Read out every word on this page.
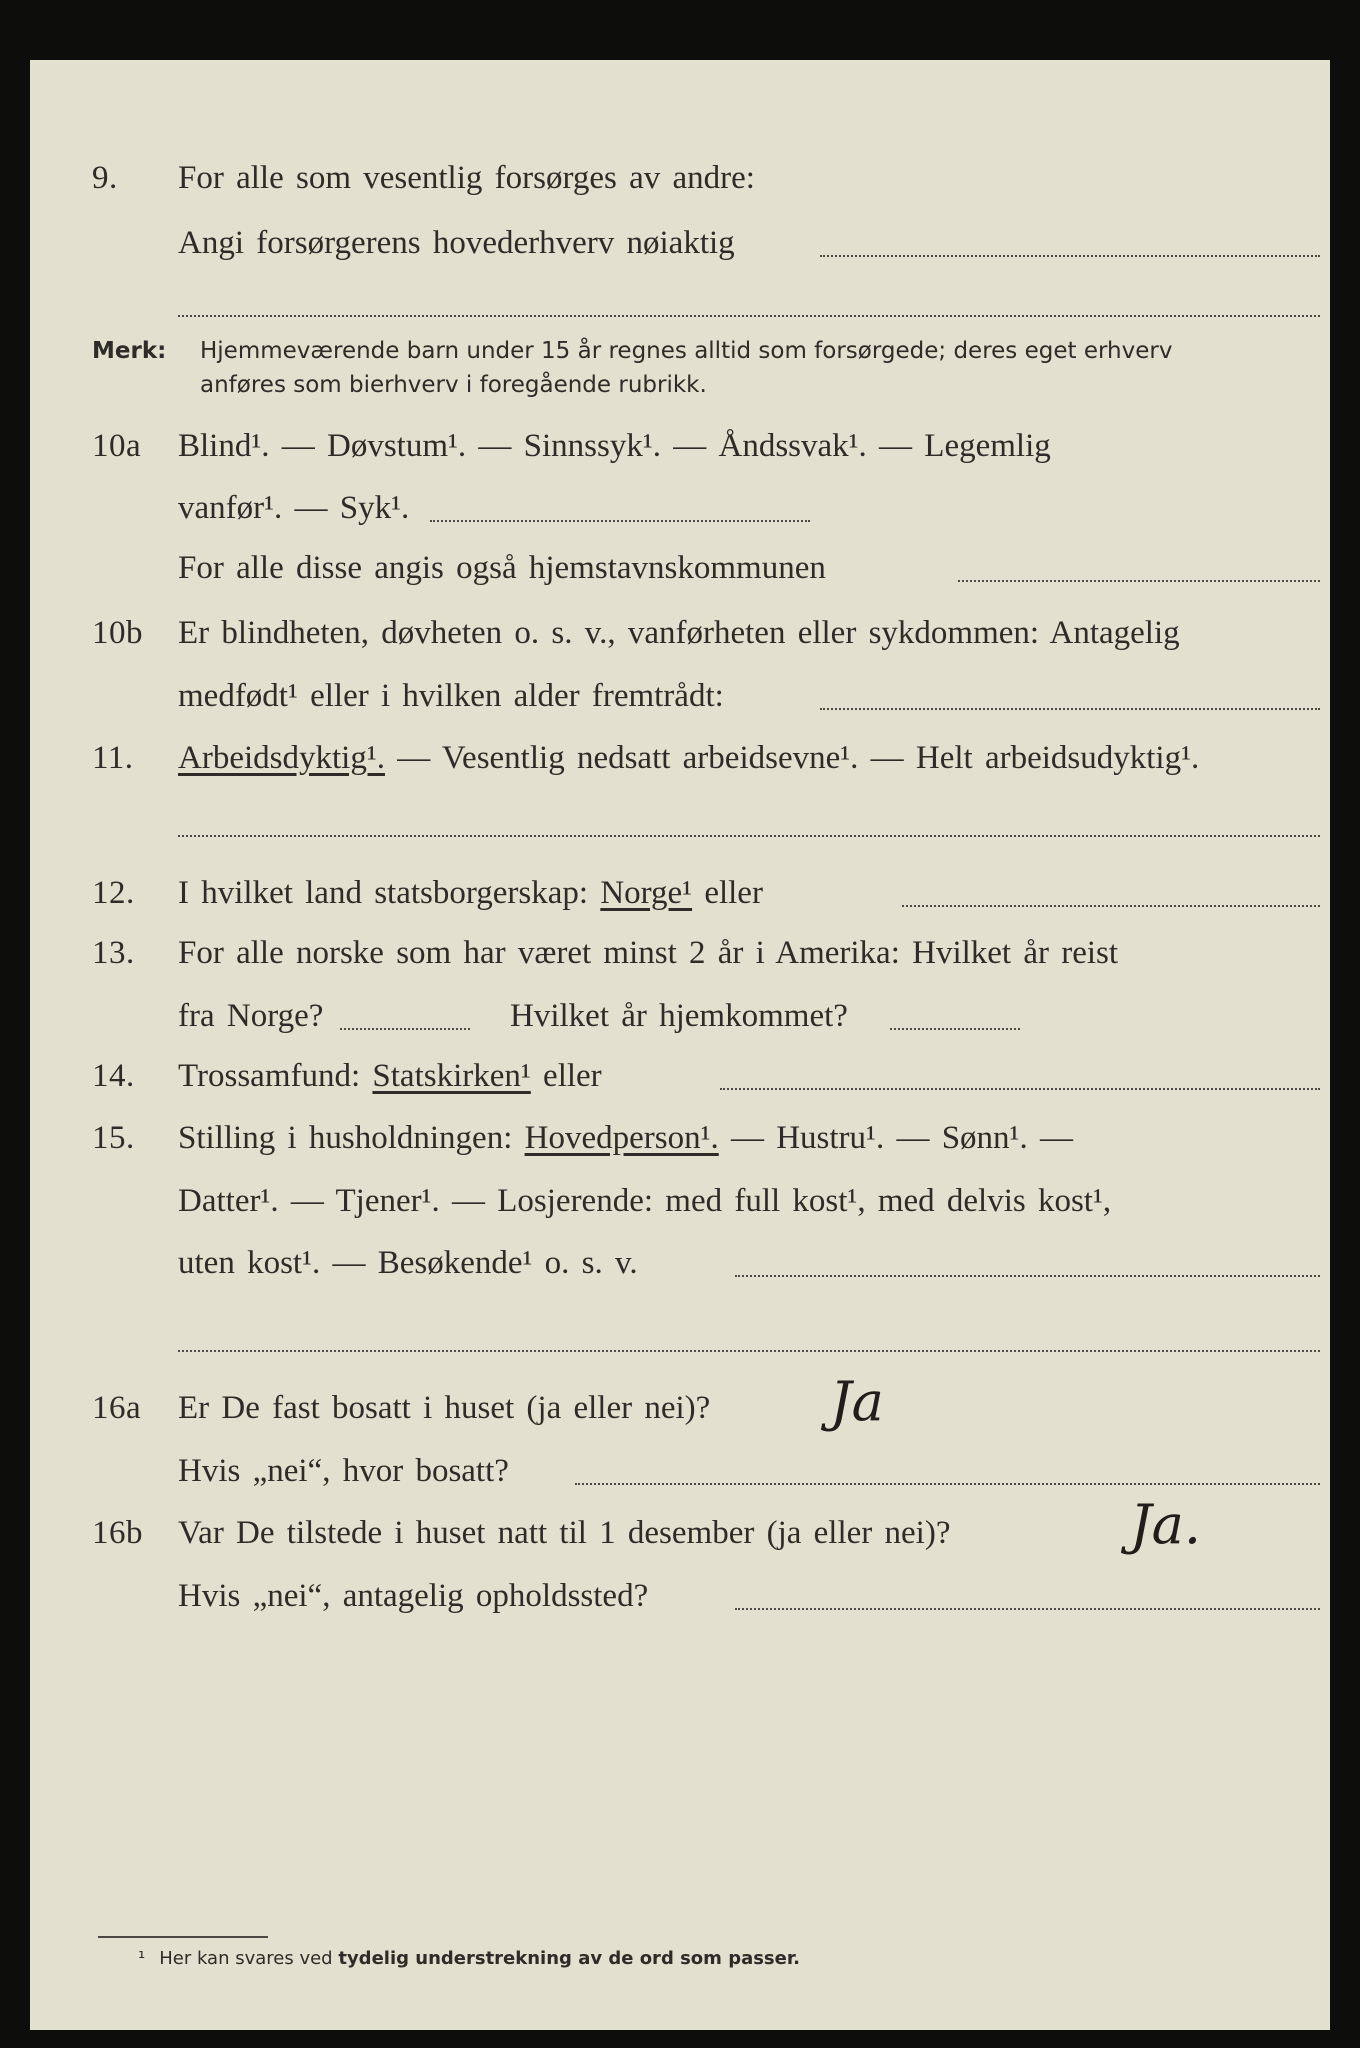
9. For alle som vesentlig forsørges av andre:
Angi forsørgerens hovederhverv nøiaktig
Merk: Hjemmeværende barn under 15 år regnes alltid som forsørgede; deres eget erhverv
anføres som bierhverv i foregående rubrikk.
10a Blind¹. — Døvstum¹. — Sinnssyk¹. — Åndssvak¹. — Legemlig
vanfør¹. — Syk¹.
For alle disse angis også hjemstavnskommunen
10b Er blindheten, døvheten o. s. v., vanførheten eller sykdommen: Antagelig
medfødt¹ eller i hvilken alder fremtrådt:
11. Arbeidsdyktig¹. — Vesentlig nedsatt arbeidsevne¹. — Helt arbeidsudyktig¹.
12. I hvilket land statsborgerskap: Norge¹ eller
13. For alle norske som har været minst 2 år i Amerika: Hvilket år reist
fra Norge?	Hvilket år hjemkommet?
14. Trossamfund: Statskirken¹ eller
15. Stilling i husholdningen: Hovedperson¹. — Hustru¹. — Sønn¹. —
Datter¹. — Tjener¹. — Losjerende: med full kost¹, med delvis kost¹,
uten kost¹. — Besøkende¹ o. s. v.
16a Er De fast bosatt i huset (ja eller nei)? Ja
Hvis „nei“, hvor bosatt?
16b Var De tilstede i huset natt til 1 desember (ja eller nei)?	Ja.
Hvis „nei“, antagelig opholdssted?
¹ Her kan svares ved tydelig understrekning av de ord som passer.
